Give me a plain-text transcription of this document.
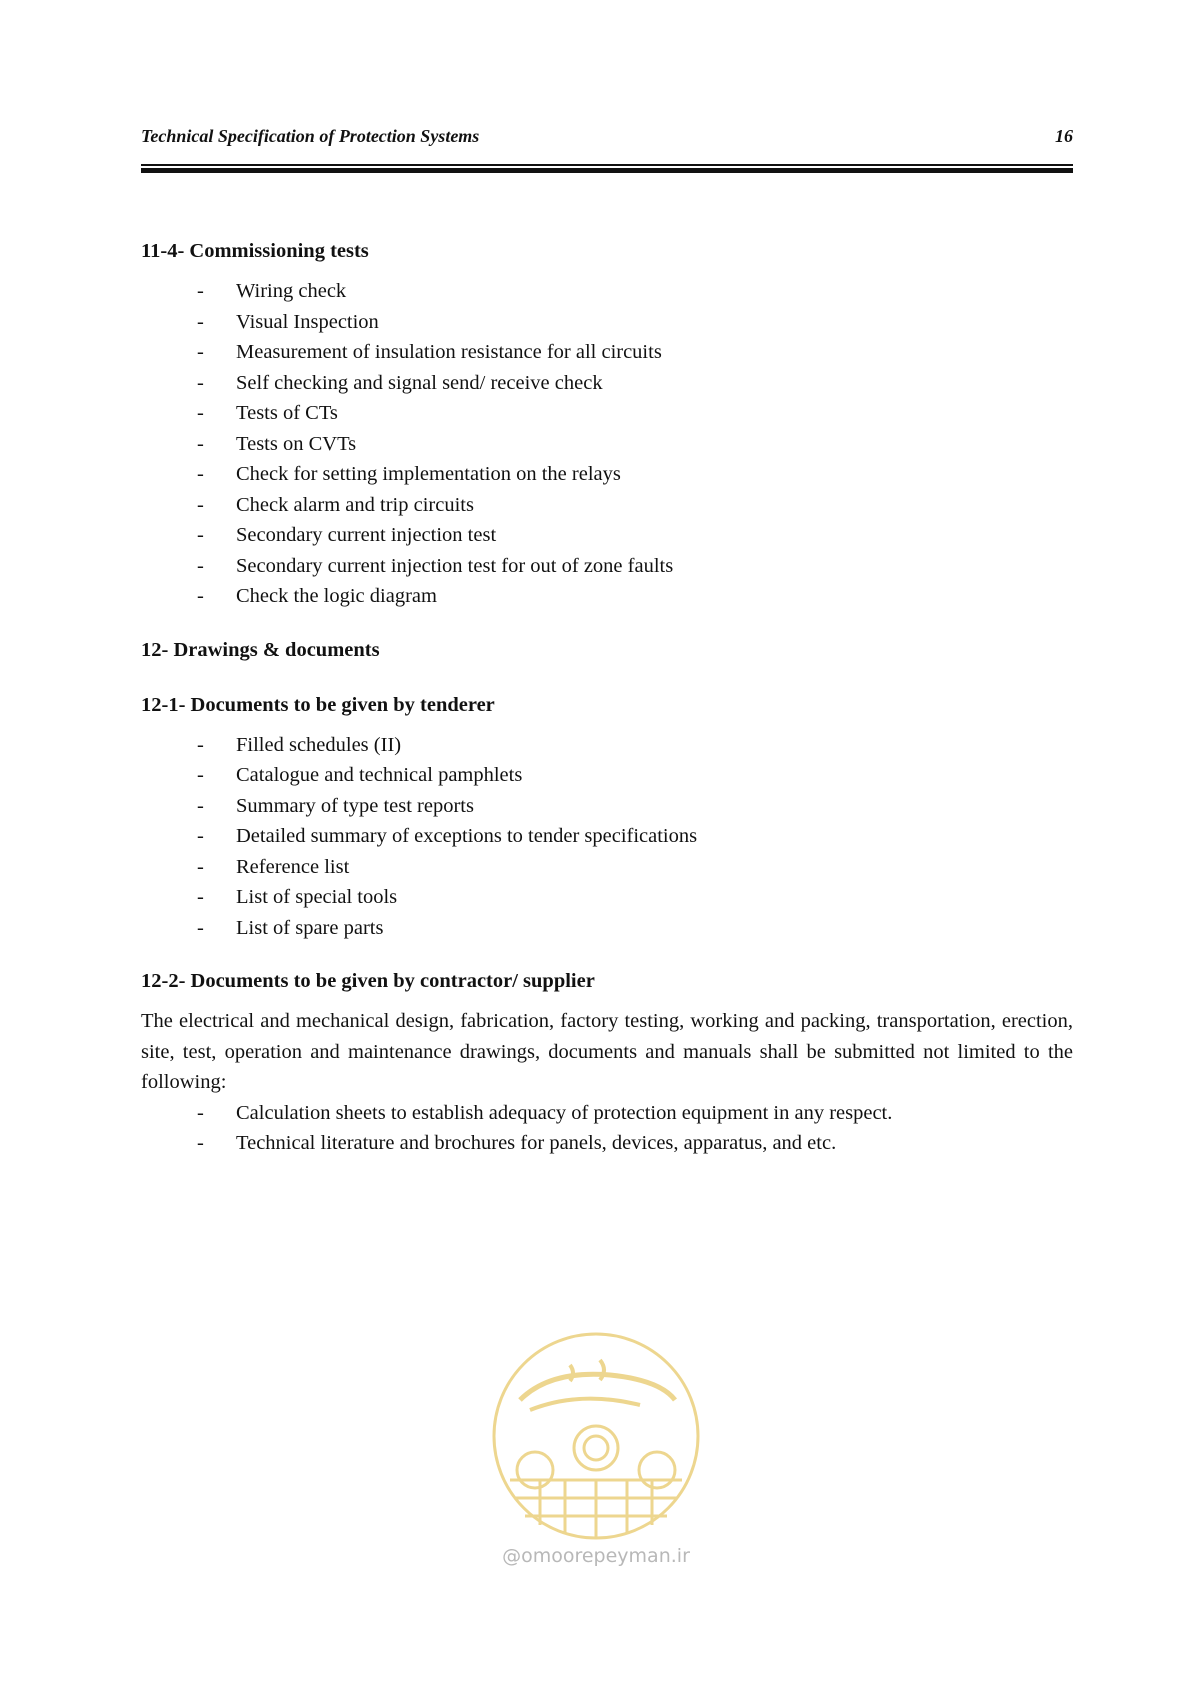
Technical Specification of Protection Systems	16
11-4- Commissioning tests
- Wiring check
- Visual Inspection
- Measurement of insulation resistance for all circuits
- Self checking and signal send/ receive check
- Tests of CTs
- Tests on CVTs
- Check for setting implementation on the relays
- Check alarm and trip circuits
- Secondary current injection test
- Secondary current injection test for out of zone faults
- Check the logic diagram
12- Drawings & documents
12-1- Documents to be given by tenderer
- Filled schedules (II)
- Catalogue and technical pamphlets
- Summary of type test reports
- Detailed summary of exceptions to tender specifications
- Reference list
- List of special tools
- List of spare parts
12-2- Documents to be given by contractor/ supplier

The electrical and mechanical design, fabrication, factory testing, working and packing, transportation, erection, site, test, operation and maintenance drawings, documents and manuals shall be submitted not limited to the following:

- Calculation sheets to establish adequacy of protection equipment in any respect.
- Technical literature and brochures for panels, devices, apparatus, and etc.
@omoorepeyman.ir
